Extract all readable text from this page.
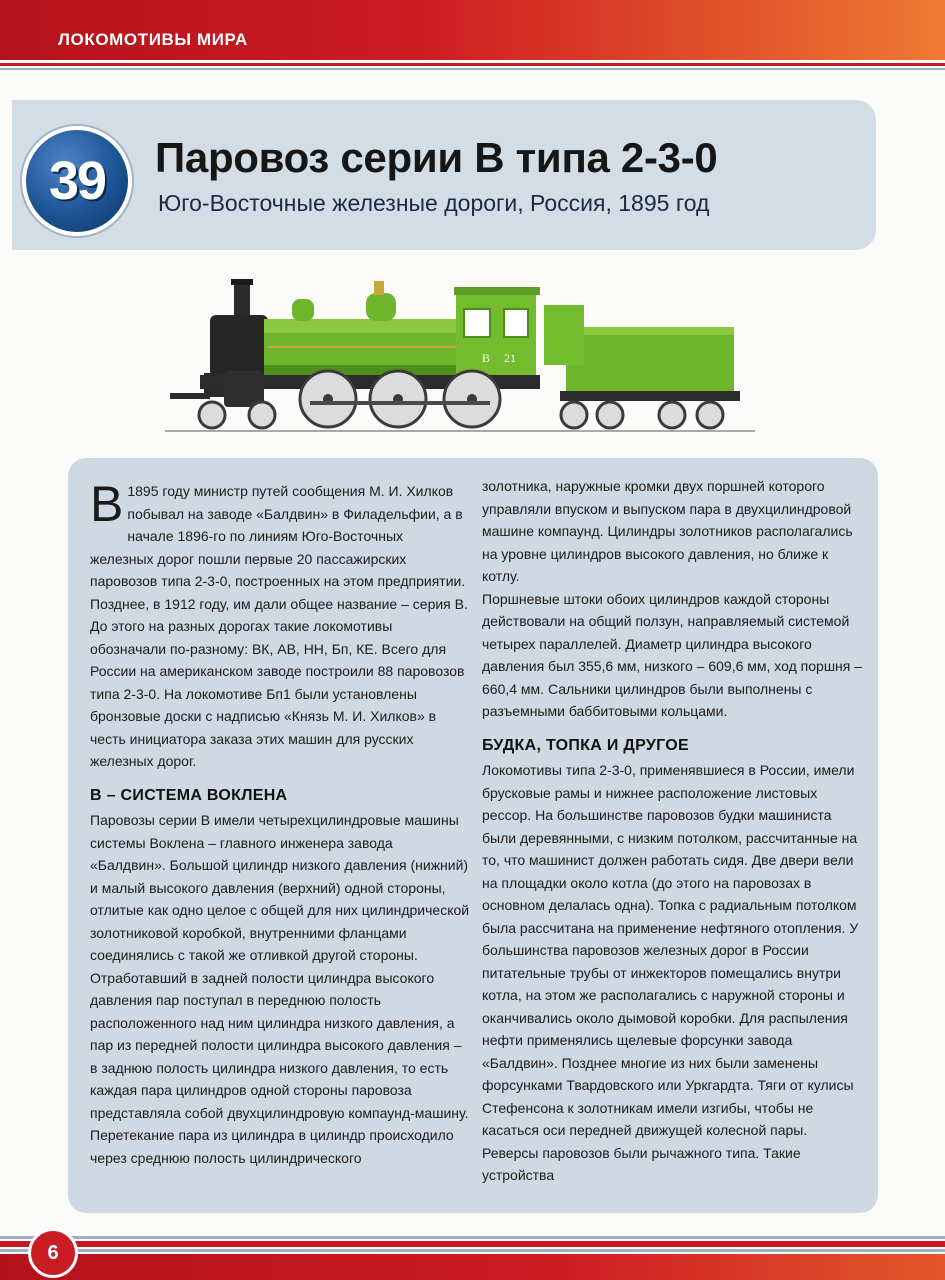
ЛОКОМОТИВЫ МИРА
39 Паровоз серии В типа 2-3-0
Юго-Восточные железные дороги, Россия, 1895 год
В 21
В 1895 году министр путей сообщения М. И. Хилков побывал на заводе «Балдвин» в Филадельфии, а в начале 1896-го по линиям Юго-Восточных железных дорог пошли первые 20 пассажирских паровозов типа 2-3-0, построенных на этом предприятии. Позднее, в 1912 году, им дали общее название – серия В. До этого на разных дорогах такие локомотивы обозначали по-разному: ВК, АВ, НН, Бп, КЕ. Всего для России на американском заводе построили 88 паровозов типа 2-3-0. На локомотиве Бп1 были установлены бронзовые доски с надписью «Князь М. И. Хилков» в честь инициатора заказа этих машин для русских железных дорог.
В – СИСТЕМА ВОКЛЕНА
Паровозы серии В имели четырехцилиндровые машины системы Воклена – главного инженера завода «Балдвин». Большой цилиндр низкого давления (нижний) и малый высокого давления (верхний) одной стороны, отлитые как одно целое с общей для них цилиндрической золотниковой коробкой, внутренними фланцами соединялись с такой же отливкой другой стороны. Отработавший в задней полости цилиндра высокого давления пар поступал в переднюю полость расположенного над ним цилиндра низкого давления, а пар из передней полости цилиндра высокого давления – в заднюю полость цилиндра низкого давления, то есть каждая пара цилиндров одной стороны паровоза представляла собой двухцилиндровую компаунд-машину. Перетекание пара из цилиндра в цилиндр происходило через среднюю полость цилиндрического
золотника, наружные кромки двух поршней которого управляли впуском и выпуском пара в двухцилиндровой машине компаунд. Цилиндры золотников располагались на уровне цилиндров высокого давления, но ближе к котлу.
Поршневые штоки обоих цилиндров каждой стороны действовали на общий ползун, направляемый системой четырех параллелей. Диаметр цилиндра высокого давления был 355,6 мм, низкого – 609,6 мм, ход поршня – 660,4 мм. Сальники цилиндров были выполнены с разъемными баббитовыми кольцами.
БУДКА, ТОПКА И ДРУГОЕ
Локомотивы типа 2-3-0, применявшиеся в России, имели брусковые рамы и нижнее расположение листовых рессор. На большинстве паровозов будки машиниста были деревянными, с низким потолком, рассчитанные на то, что машинист должен работать сидя. Две двери вели на площадки около котла (до этого на паровозах в основном делалась одна). Топка с радиальным потолком была рассчитана на применение нефтяного отопления. У большинства паровозов железных дорог в России питательные трубы от инжекторов помещались внутри котла, на этом же располагались с наружной стороны и оканчивались около дымовой коробки. Для распыления нефти применялись щелевые форсунки завода «Балдвин». Позднее многие из них были заменены форсунками Твардовского или Уркгардта. Тяги от кулисы Стефенсона к золотникам имели изгибы, чтобы не касаться оси передней движущей колесной пары. Реверсы паровозов были рычажного типа. Такие устройства
6
